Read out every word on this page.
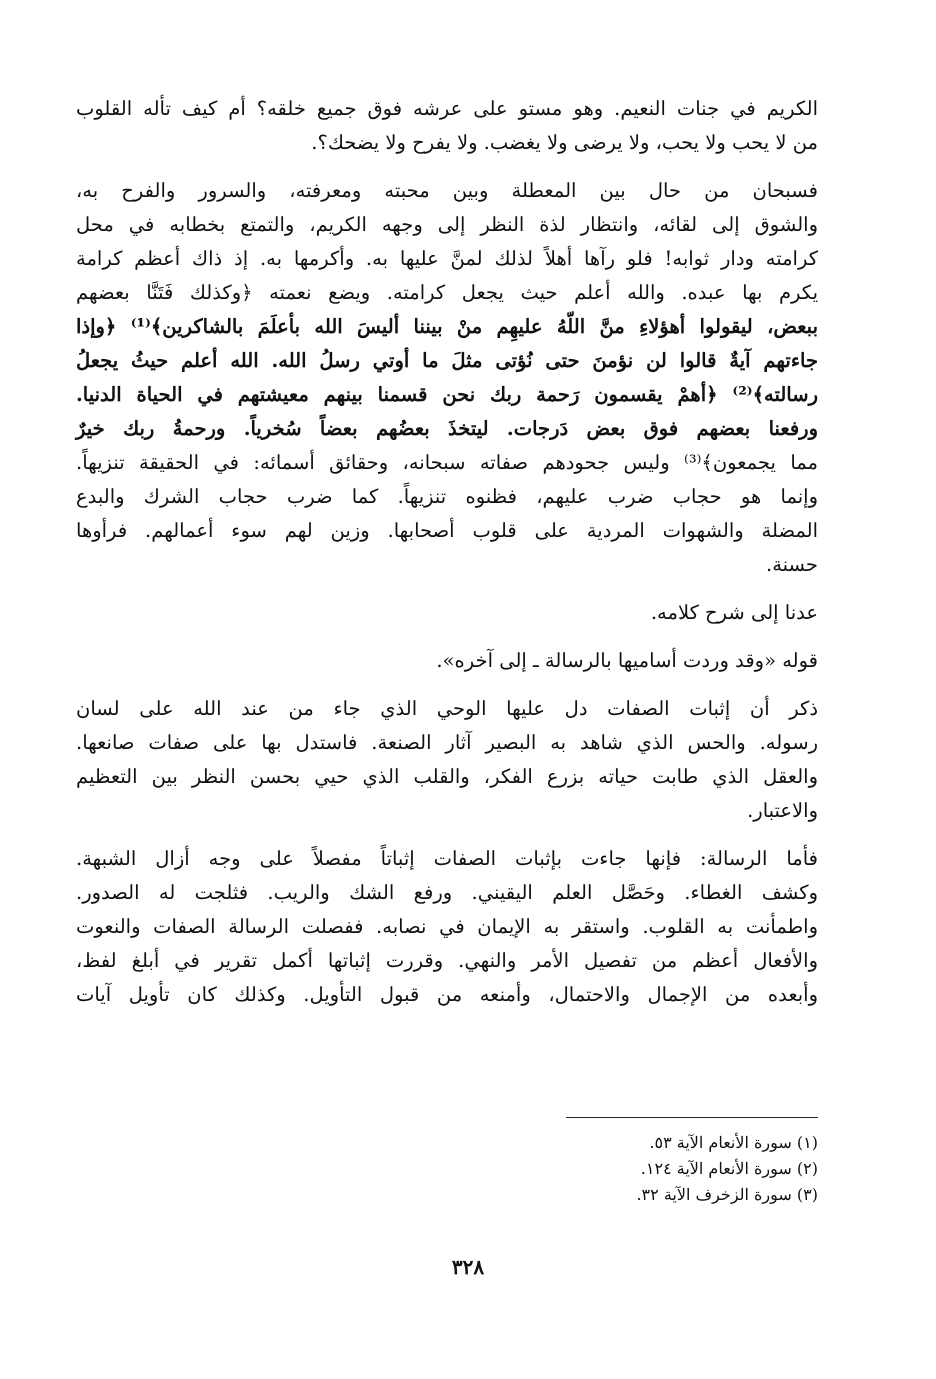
الكريم في جنات النعيم. وهو مستو على عرشه فوق جميع خلقه؟ أم كيف تأله القلوب
من لا يحب ولا يحب، ولا يرضى ولا يغضب. ولا يفرح ولا يضحك؟.

فسبحان من حال بين المعطلة وبين محبته ومعرفته، والسرور والفرح به،
والشوق إلى لقائه، وانتظار لذة النظر إلى وجهه الكريم، والتمتع بخطابه في محل
كرامته ودار ثوابه! فلو رآها أهلاً لذلك لمنَّ عليها به. وأكرمها به. إذ ذاك أعظم كرامة
يكرم بها عبده. والله أعلم حيث يجعل كرامته. ويضع نعمته ﴿وكذلك فَتَنَّا بعضهم
ببعض، ليقولوا أهؤلاءِ منَّ اللّهُ عليهِم منْ بيننا أليسَ الله بأعلَمَ بالشاكرين﴾⁽¹⁾ ﴿وإذا
جاءتهم آيةٌ قالوا لن نؤمنَ حتى نُؤتى مثلَ ما أوتي رسلُ الله. الله أعلم حيثُ يجعلُ
رسالته﴾⁽²⁾ ﴿أهمْ يقسمون رَحمة ربك نحن قسمنا بينهم معيشتهم في الحياة الدنيا.
ورفعنا بعضهم فوق بعض دَرجات. ليتخذَ بعضُهم بعضاً سُخرياً. ورحمةُ ربك خيرٌ
مما يجمعون﴾⁽³⁾ وليس جحودهم صفاته سبحانه، وحقائق أسمائه: في الحقيقة تنزيهاً.
وإنما هو حجاب ضرب عليهم، فظنوه تنزيهاً. كما ضرب حجاب الشرك والبدع
المضلة والشهوات المردية على قلوب أصحابها. وزين لهم سوء أعمالهم. فرأوها
حسنة.

عدنا إلى شرح كلامه.

قوله «وقد وردت أساميها بالرسالة ـ إلى آخره».

ذكر أن إثبات الصفات دل عليها الوحي الذي جاء من عند الله على لسان
رسوله. والحس الذي شاهد به البصير آثار الصنعة. فاستدل بها على صفات صانعها.
والعقل الذي طابت حياته بزرع الفكر، والقلب الذي حيي بحسن النظر بين التعظيم
والاعتبار.

فأما الرسالة: فإنها جاءت بإثبات الصفات إثباتاً مفصلاً على وجه أزال الشبهة.
وكشف الغطاء. وحَصَّل العلم اليقيني. ورفع الشك والريب. فثلجت له الصدور.
واطمأنت به القلوب. واستقر به الإيمان في نصابه. ففصلت الرسالة الصفات والنعوت
والأفعال أعظم من تفصيل الأمر والنهي. وقررت إثباتها أكمل تقرير في أبلغ لفظ،
وأبعده من الإجمال والاحتمال، وأمنعه من قبول التأويل. وكذلك كان تأويل آيات

(١) سورة الأنعام الآية ٥٣.
(٢) سورة الأنعام الآية ١٢٤.
(٣) سورة الزخرف الآية ٣٢.
٣٢٨
